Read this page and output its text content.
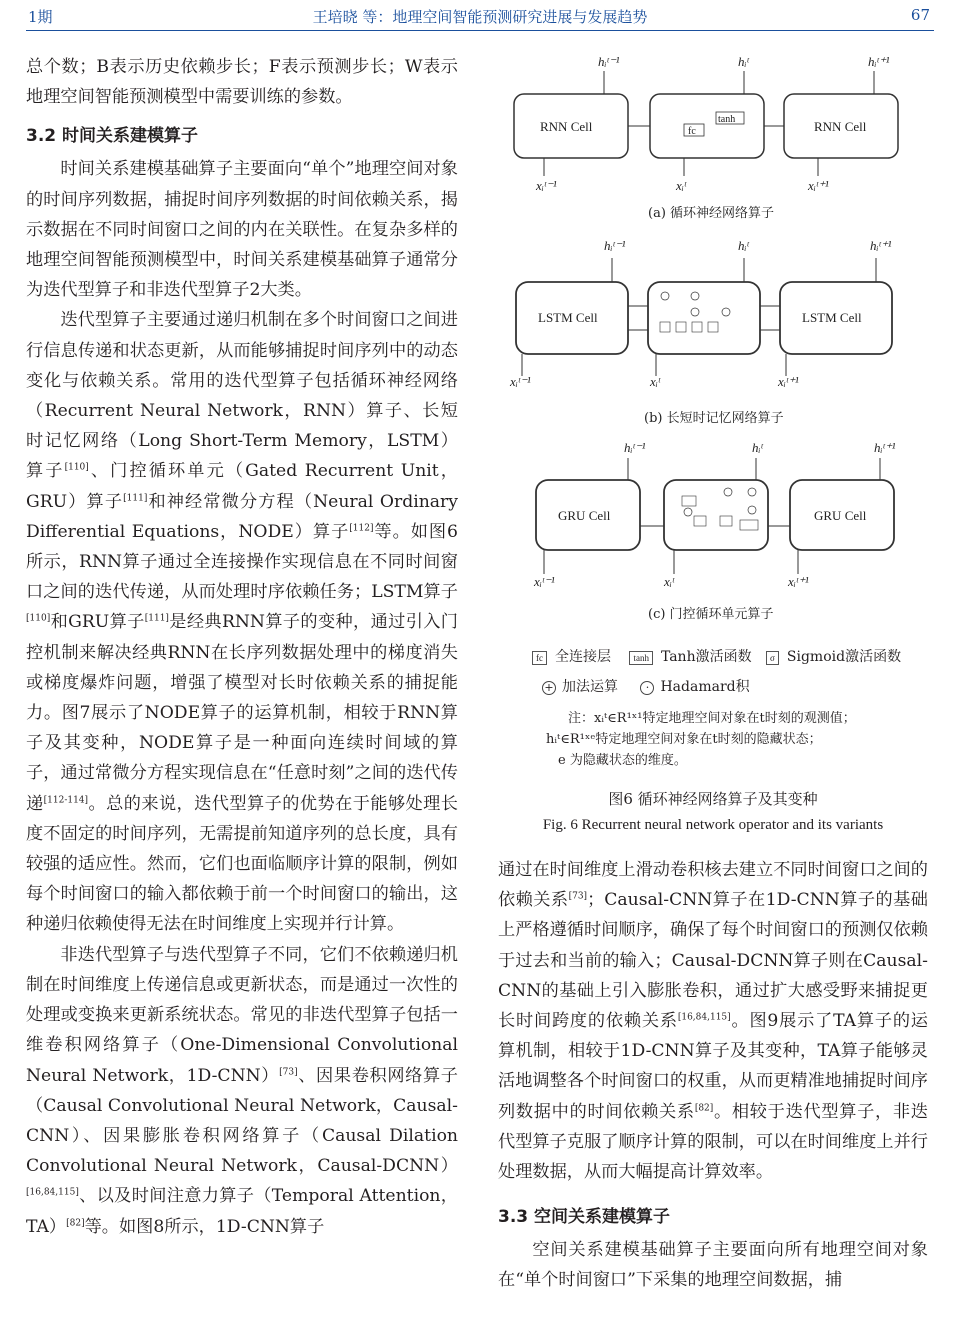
1期	王培晓 等：地理空间智能预测研究进展与发展趋势	67

总个数；B表示历史依赖步长；F表示预测步长；W表示地理空间智能预测模型中需要训练的参数。

3.2 时间关系建模算子

时间关系建模基础算子主要面向“单个”地理空间对象的时间序列数据，捕捉时间序列数据的时间依赖关系，揭示数据在不同时间窗口之间的内在关联性。在复杂多样的地理空间智能预测模型中，时间关系建模基础算子通常分为迭代型算子和非迭代型算子2大类。

迭代型算子主要通过递归机制在多个时间窗口之间进行信息传递和状态更新，从而能够捕捉时间序列中的动态变化与依赖关系。常用的迭代型算子包括循环神经网络（Recurrent Neural Network，RNN）算子、长短时记忆网络（Long Short-Term Memory，LSTM）算子[110]、门控循环单元（Gated Recurrent Unit，GRU）算子[111]和神经常微分方程（Neural Ordinary Differential Equations，NODE）算子[112]等。如图6所示，RNN算子通过全连接操作实现信息在不同时间窗口之间的迭代传递，从而处理时序依赖任务；LSTM算子[110]和GRU算子[111]是经典RNN算子的变种，通过引入门控机制来解决经典RNN在长序列数据处理中的梯度消失或梯度爆炸问题，增强了模型对长时依赖关系的捕捉能力。图7展示了NODE算子的运算机制，相较于RNN算子及其变种，NODE算子是一种面向连续时间域的算子，通过常微分方程实现信息在“任意时刻”之间的迭代传递[112-114]。总的来说，迭代型算子的优势在于能够处理长度不固定的时间序列，无需提前知道序列的总长度，具有较强的适应性。然而，它们也面临顺序计算的限制，例如每个时间窗口的输入都依赖于前一个时间窗口的输出，这种递归依赖使得无法在时间维度上实现并行计算。

非迭代型算子与迭代型算子不同，它们不依赖递归机制在时间维度上传递信息或更新状态，而是通过一次性的处理或变换来更新系统状态。常见的非迭代型算子包括一维卷积网络算子（One-Dimensional Convolutional Neural Network，1D-CNN）[73]、因果卷积网络算子（Causal Convolutional Neural Network，Causal-CNN）、因果膨胀卷积网络算子（Causal Dilation Convolutional Neural Network，Causal-DCNN）[16,84,115]、以及时间注意力算子（Temporal Attention，TA）[82]等。如图8所示，1D-CNN算子

RNN Cell	RNN Cell
fc
tanh
hᵢᵗ⁻¹	hᵢᵗ	hᵢᵗ⁺¹
xᵢᵗ⁻¹	xᵢᵗ	xᵢᵗ⁺¹
(a) 循环神经网络算子
LSTM Cell	LSTM Cell
hᵢᵗ⁻¹	hᵢᵗ	hᵢᵗ⁺¹
xᵢᵗ⁻¹	xᵢᵗ	xᵢᵗ⁺¹
(b) 长短时记忆网络算子
GRU Cell	GRU Cell
hᵢᵗ⁻¹	hᵢᵗ	hᵢᵗ⁺¹
xᵢᵗ⁻¹	xᵢᵗ	xᵢᵗ⁺¹
(c) 门控循环单元算子
fc 全连接层 tanh Tanh激活函数 σ Sigmoid激活函数
+ 加法运算	· Hadamard积
注：xᵢᵗ∈R¹ˣ¹特定地理空间对象在t时刻的观测值；
hᵢᵗ∈R¹ˣᵉ特定地理空间对象在t时刻的隐藏状态；
e 为隐藏状态的维度。
图6 循环神经网络算子及其变种
Fig. 6 Recurrent neural network operator and its variants

通过在时间维度上滑动卷积核去建立不同时间窗口之间的依赖关系[73]；Causal-CNN算子在1D-CNN算子的基础上严格遵循时间顺序，确保了每个时间窗口的预测仅依赖于过去和当前的输入；Causal-DCNN算子则在Causal-CNN的基础上引入膨胀卷积，通过扩大感受野来捕捉更长时间跨度的依赖关系[16,84,115]。图9展示了TA算子的运算机制，相较于1D-CNN算子及其变种，TA算子能够灵活地调整各个时间窗口的权重，从而更精准地捕捉时间序列数据中的时间依赖关系[82]。相较于迭代型算子，非迭代型算子克服了顺序计算的限制，可以在时间维度上并行处理数据，从而大幅提高计算效率。

3.3 空间关系建模算子

空间关系建模基础算子主要面向所有地理空间对象在“单个时间窗口”下采集的地理空间数据，捕
